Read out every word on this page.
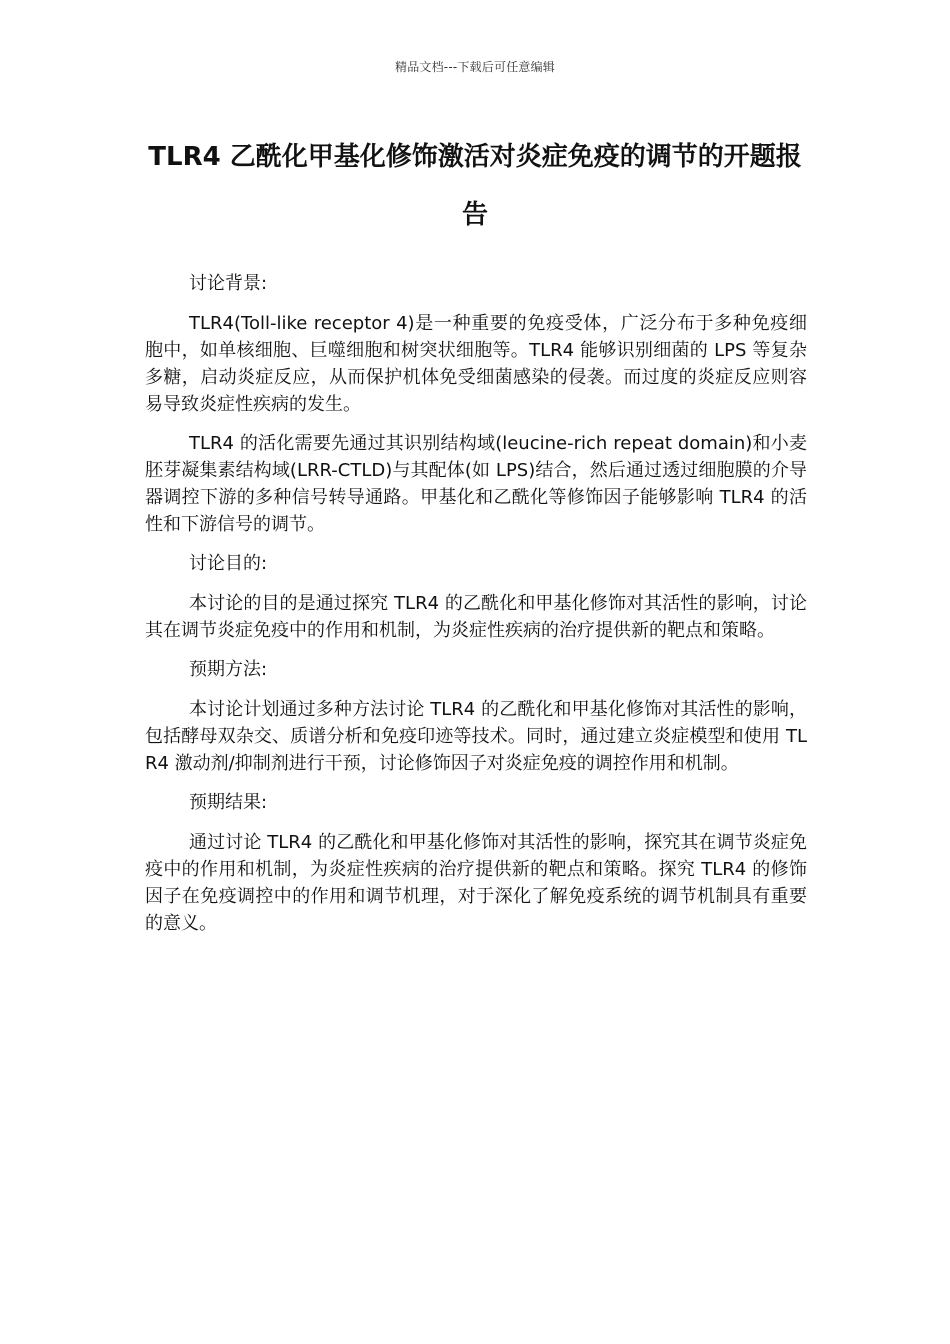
精品文档---下载后可任意编辑
TLR4 乙酰化甲基化修饰激活对炎症免疫的调节的开题报告

讨论背景:

TLR4(Toll-like receptor 4)是一种重要的免疫受体，广泛分布于多种免疫细胞中，如单核细胞、巨噬细胞和树突状细胞等。TLR4 能够识别细菌的 LPS 等复杂多糖，启动炎症反应，从而保护机体免受细菌感染的侵袭。而过度的炎症反应则容易导致炎症性疾病的发生。

TLR4 的活化需要先通过其识别结构域(leucine-rich repeat domain)和小麦胚芽凝集素结构域(LRR-CTLD)与其配体(如 LPS)结合，然后通过透过细胞膜的介导器调控下游的多种信号转导通路。甲基化和乙酰化等修饰因子能够影响 TLR4 的活性和下游信号的调节。

讨论目的:

本讨论的目的是通过探究 TLR4 的乙酰化和甲基化修饰对其活性的影响，讨论其在调节炎症免疫中的作用和机制，为炎症性疾病的治疗提供新的靶点和策略。

预期方法:

本讨论计划通过多种方法讨论 TLR4 的乙酰化和甲基化修饰对其活性的影响，包括酵母双杂交、质谱分析和免疫印迹等技术。同时，通过建立炎症模型和使用 TLR4 激动剂/抑制剂进行干预，讨论修饰因子对炎症免疫的调控作用和机制。

预期结果:

通过讨论 TLR4 的乙酰化和甲基化修饰对其活性的影响，探究其在调节炎症免疫中的作用和机制，为炎症性疾病的治疗提供新的靶点和策略。探究 TLR4 的修饰因子在免疫调控中的作用和调节机理，对于深化了解免疫系统的调节机制具有重要的意义。
